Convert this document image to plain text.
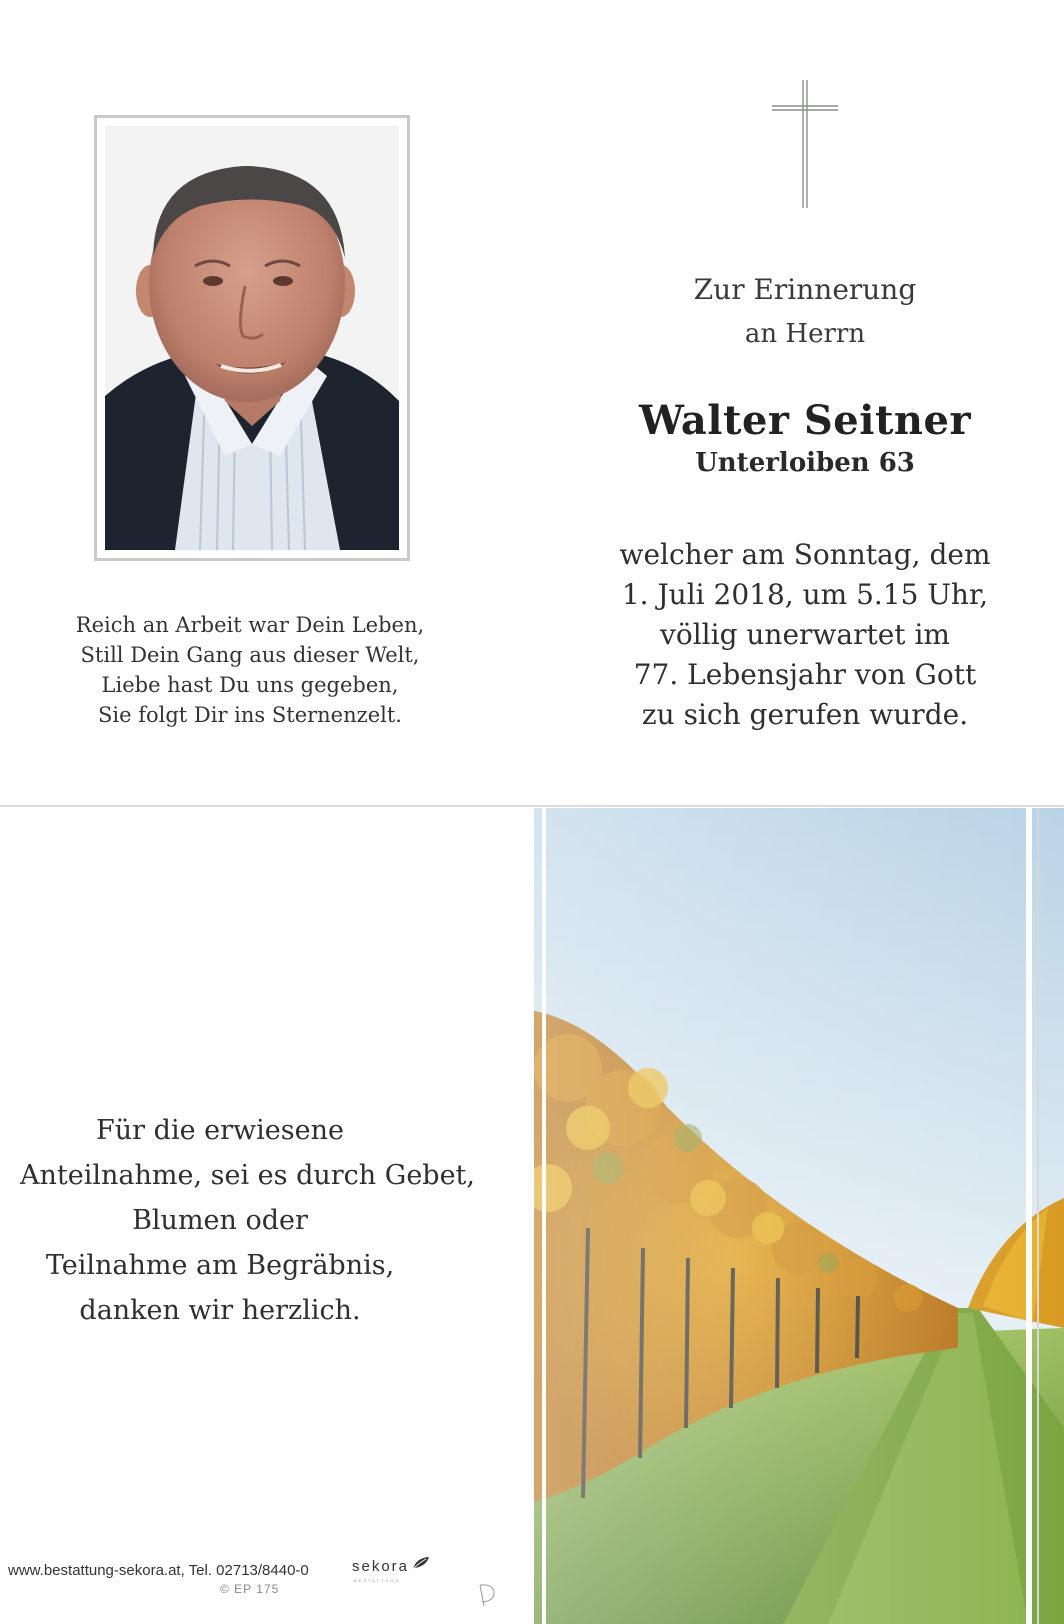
Reich an Arbeit war Dein Leben,
Still Dein Gang aus dieser Welt,
Liebe hast Du uns gegeben,
Sie folgt Dir ins Sternenzelt.
Zur Erinnerung
an Herrn
Walter Seitner
Unterloiben 63
welcher am Sonntag, dem
1. Juli 2018, um 5.15 Uhr,
völlig unerwartet im
77. Lebensjahr von Gott
zu sich gerufen wurde.
Für die erwiesene
Anteilnahme, sei es durch Gebet,
Blumen oder
Teilnahme am Begräbnis,
danken wir herzlich.
www.bestattung-sekora.at, Tel. 02713/8440-0
© EP 175
sekora
BESTATTUNG
